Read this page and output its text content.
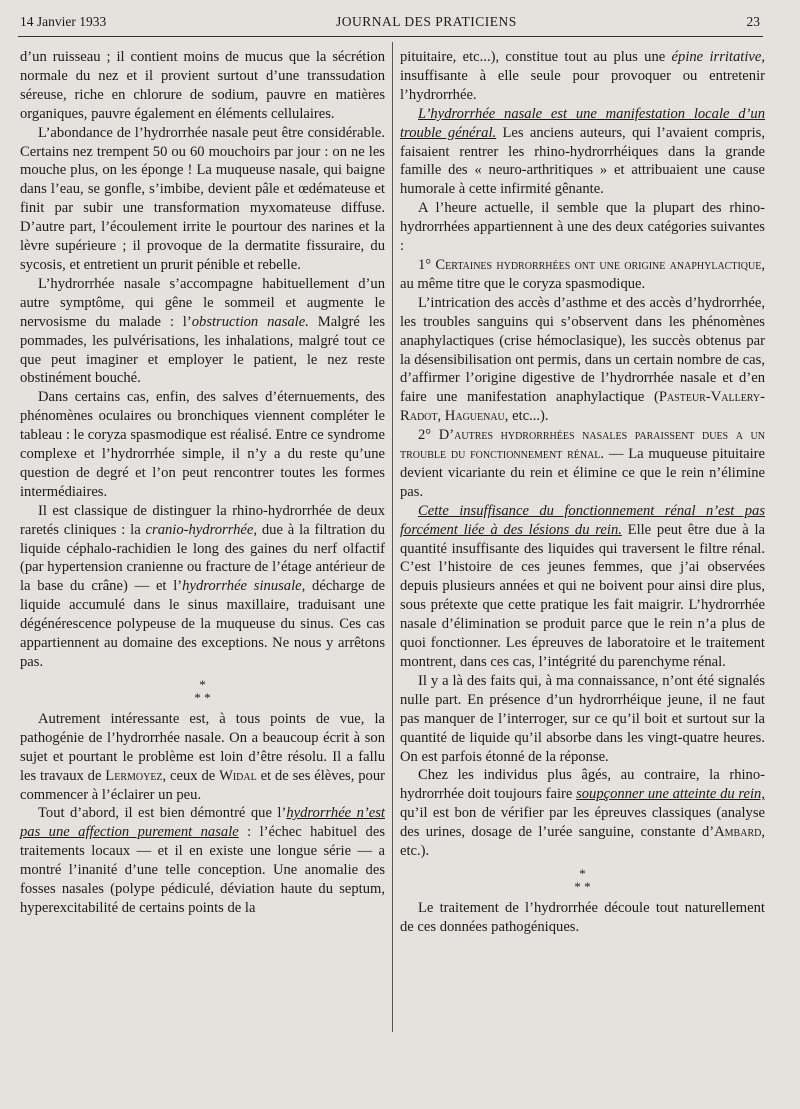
14 Janvier 1933	JOURNAL DES PRATICIENS	23

d’un ruisseau ; il contient moins de mucus que la sécrétion normale du nez et il provient surtout d’une transsudation séreuse, riche en chlorure de sodium, pauvre en matières organiques, pauvre également en éléments cellulaires.

L’abondance de l’hydrorrhée nasale peut être considérable. Certains nez trempent 50 ou 60 mouchoirs par jour : on ne les mouche plus, on les éponge ! La muqueuse nasale, qui baigne dans l’eau, se gonfle, s’imbibe, devient pâle et œdémateuse et finit par subir une transformation myxomateuse diffuse. D’autre part, l’écoulement irrite le pourtour des narines et la lèvre supérieure ; il provoque de la dermatite fissuraire, du sycosis, et entretient un prurit pénible et rebelle.

L’hydrorrhée nasale s’accompagne habituellement d’un autre symptôme, qui gêne le sommeil et augmente le nervosisme du malade : l’obstruction nasale. Malgré les pommades, les pulvérisations, les inhalations, malgré tout ce que peut imaginer et employer le patient, le nez reste obstinément bouché.

Dans certains cas, enfin, des salves d’éternuements, des phénomènes oculaires ou bronchiques viennent compléter le tableau : le coryza spasmodique est réalisé. Entre ce syndrome complexe et l’hydrorrhée simple, il n’y a du reste qu’une question de degré et l’on peut rencontrer toutes les formes intermédiaires.

Il est classique de distinguer la rhino-hydrorrhée de deux raretés cliniques : la cranio-hydrorrhée, due à la filtration du liquide céphalo-rachidien le long des gaines du nerf olfactif (par hypertension cranienne ou fracture de l’étage antérieur de la base du crâne) — et l’hydrorrhée sinusale, décharge de liquide accumulé dans le sinus maxillaire, traduisant une dégénérescence polypeuse de la muqueuse du sinus. Ces cas appartiennent au domaine des exceptions. Ne nous y arrêtons pas.

*
* *

Autrement intéressante est, à tous points de vue, la pathogénie de l’hydrorrhée nasale. On a beaucoup écrit à son sujet et pourtant le problème est loin d’être résolu. Il a fallu les travaux de Lermoyez, ceux de Widal et de ses élèves, pour commencer à l’éclairer un peu.

Tout d’abord, il est bien démontré que l’hydrorrhée n’est pas une affection purement nasale : l’échec habituel des traitements locaux — et il en existe une longue série — a montré l’inanité d’une telle conception. Une anomalie des fosses nasales (polype pédiculé, déviation haute du septum, hyperexcitabilité de certains points de la

pituitaire, etc...), constitue tout au plus une épine irritative, insuffisante à elle seule pour provoquer ou entretenir l’hydrorrhée.

L’hydrorrhée nasale est une manifestation locale d’un trouble général. Les anciens auteurs, qui l’avaient compris, faisaient rentrer les rhino-hydrorrhéiques dans la grande famille des « neuro-arthritiques » et attribuaient une cause humorale à cette infirmité gênante.

A l’heure actuelle, il semble que la plupart des rhino-hydrorrhées appartiennent à une des deux catégories suivantes :

1° Certaines hydrorrhées ont une origine anaphylactique, au même titre que le coryza spasmodique.

L’intrication des accès d’asthme et des accès d’hydrorrhée, les troubles sanguins qui s’observent dans les phénomènes anaphylactiques (crise hémoclasique), les succès obtenus par la désensibilisation ont permis, dans un certain nombre de cas, d’affirmer l’origine digestive de l’hydrorrhée nasale et d’en faire une manifestation anaphylactique (Pasteur-Vallery-Radot, Haguenau, etc...).

2° D’autres hydrorrhées nasales paraissent dues a un trouble du fonctionnement rénal. — La muqueuse pituitaire devient vicariante du rein et élimine ce que le rein n’élimine pas.

Cette insuffisance du fonctionnement rénal n’est pas forcément liée à des lésions du rein. Elle peut être due à la quantité insuffisante des liquides qui traversent le filtre rénal. C’est l’histoire de ces jeunes femmes, que j’ai observées depuis plusieurs années et qui ne boivent pour ainsi dire plus, sous prétexte que cette pratique les fait maigrir. L’hydrorrhée nasale d’élimination se produit parce que le rein n’a plus de quoi fonctionner. Les épreuves de laboratoire et le traitement montrent, dans ces cas, l’intégrité du parenchyme rénal.

Il y a là des faits qui, à ma connaissance, n’ont été signalés nulle part. En présence d’un hydrorrhéique jeune, il ne faut pas manquer de l’interroger, sur ce qu’il boit et surtout sur la quantité de liquide qu’il absorbe dans les vingt-quatre heures. On est parfois étonné de la réponse.

Chez les individus plus âgés, au contraire, la rhino-hydrorrhée doit toujours faire soupçonner une atteinte du rein, qu’il est bon de vérifier par les épreuves classiques (analyse des urines, dosage de l’urée sanguine, constante d’Ambard, etc.).

*
* *

Le traitement de l’hydrorrhée découle tout naturellement de ces données pathogéniques.
